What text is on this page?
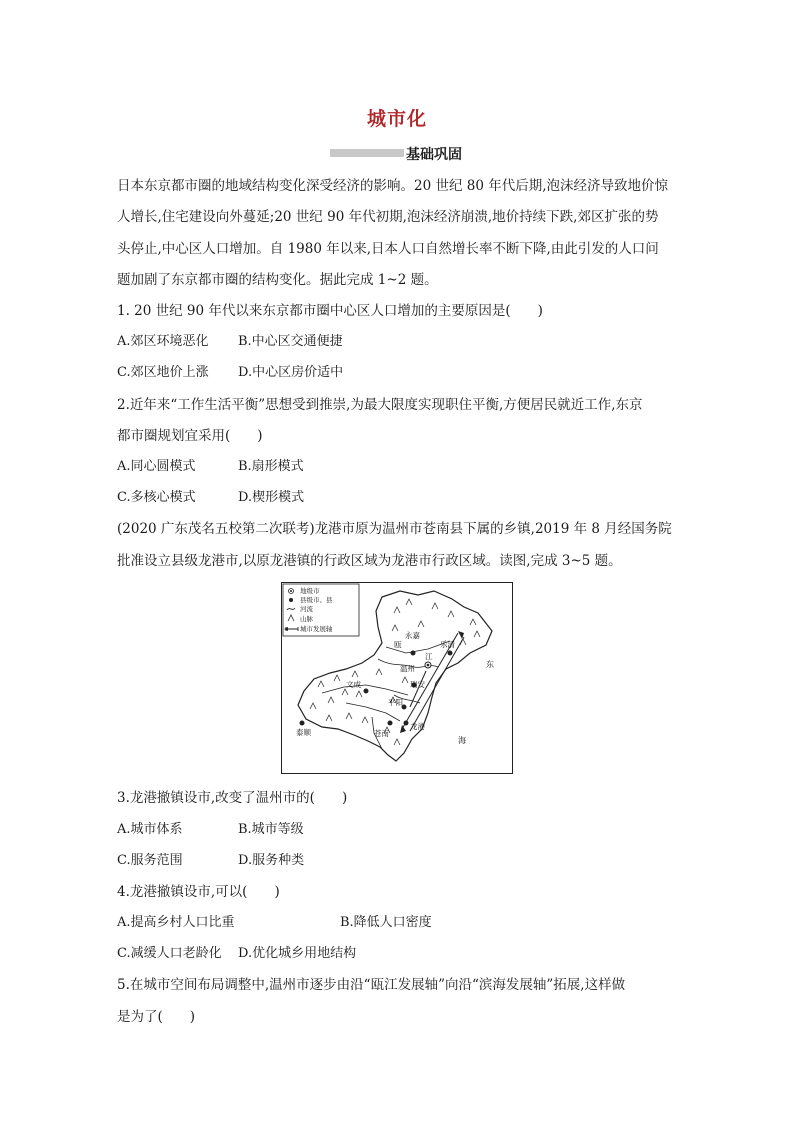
城市化
基础巩固
日本东京都市圈的地域结构变化深受经济的影响。20 世纪 80 年代后期,泡沫经济导致地价惊
人增长,住宅建设向外蔓延;20 世纪 90 年代初期,泡沫经济崩溃,地价持续下跌,郊区扩张的势
头停止,中心区人口增加。自 1980 年以来,日本人口自然增长率不断下降,由此引发的人口问
题加剧了东京都市圈的结构变化。据此完成 1~2 题。
1. 20 世纪 90 年代以来东京都市圈中心区人口增加的主要原因是(　　)
A.郊区环境恶化 B.中心区交通便捷
C.郊区地价上涨 D.中心区房价适中
2.近年来“工作生活平衡”思想受到推崇,为最大限度实现职住平衡,方便居民就近工作,东京
都市圈规划宜采用(　　)
A.同心圆模式	B.扇形模式
C.多核心模式	D.楔形模式
(2020 广东茂名五校第二次联考)龙港市原为温州市苍南县下属的乡镇,2019 年 8 月经国务院
批准设立县级龙港市,以原龙港镇的行政区域为龙港市行政区域。读图,完成 3~5 题。
永嘉
乐清
瓯
江
温州
文成	瑞安
平阳
泰顺	苍南
龙港
东
海
地级市
县级市、县
河流
山脉
城市发展轴
3.龙港撤镇设市,改变了温州市的(　　)
A.城市体系	B.城市等级
C.服务范围	D.服务种类
4.龙港撤镇设市,可以(　　)
A.提高乡村人口比重	B.降低人口密度
C.减缓人口老龄化 D.优化城乡用地结构
5.在城市空间布局调整中,温州市逐步由沿“瓯江发展轴”向沿“滨海发展轴”拓展,这样做
是为了(　　)
